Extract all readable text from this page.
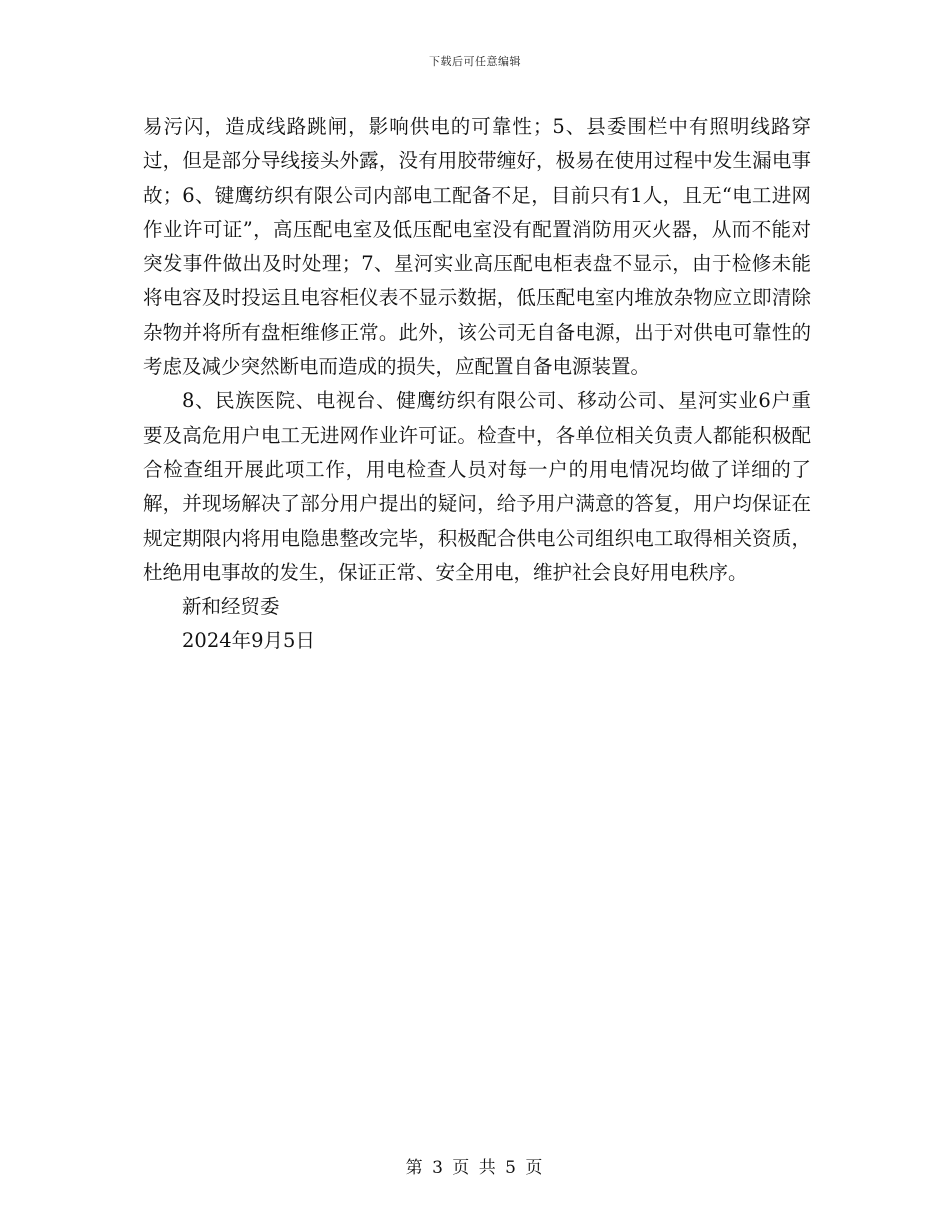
下载后可任意编辑

易污闪，造成线路跳闸，影响供电的可靠性；5、县委围栏中有照明线路穿过，但是部分导线接头外露，没有用胶带缠好，极易在使用过程中发生漏电事故；6、键鹰纺织有限公司内部电工配备不足，目前只有1人，且无“电工进网作业许可证”，高压配电室及低压配电室没有配置消防用灭火器，从而不能对突发事件做出及时处理；7、星河实业高压配电柜表盘不显示，由于检修未能将电容及时投运且电容柜仪表不显示数据，低压配电室内堆放杂物应立即清除杂物并将所有盘柜维修正常。此外，该公司无自备电源，出于对供电可靠性的考虑及减少突然断电而造成的损失，应配置自备电源装置。

8、民族医院、电视台、健鹰纺织有限公司、移动公司、星河实业6户重要及高危用户电工无进网作业许可证。检查中，各单位相关负责人都能积极配合检查组开展此项工作，用电检查人员对每一户的用电情况均做了详细的了解，并现场解决了部分用户提出的疑问，给予用户满意的答复，用户均保证在规定期限内将用电隐患整改完毕，积极配合供电公司组织电工取得相关资质，杜绝用电事故的发生，保证正常、安全用电，维护社会良好用电秩序。

新和经贸委

2024年9月5日

第 3 页 共 5 页
